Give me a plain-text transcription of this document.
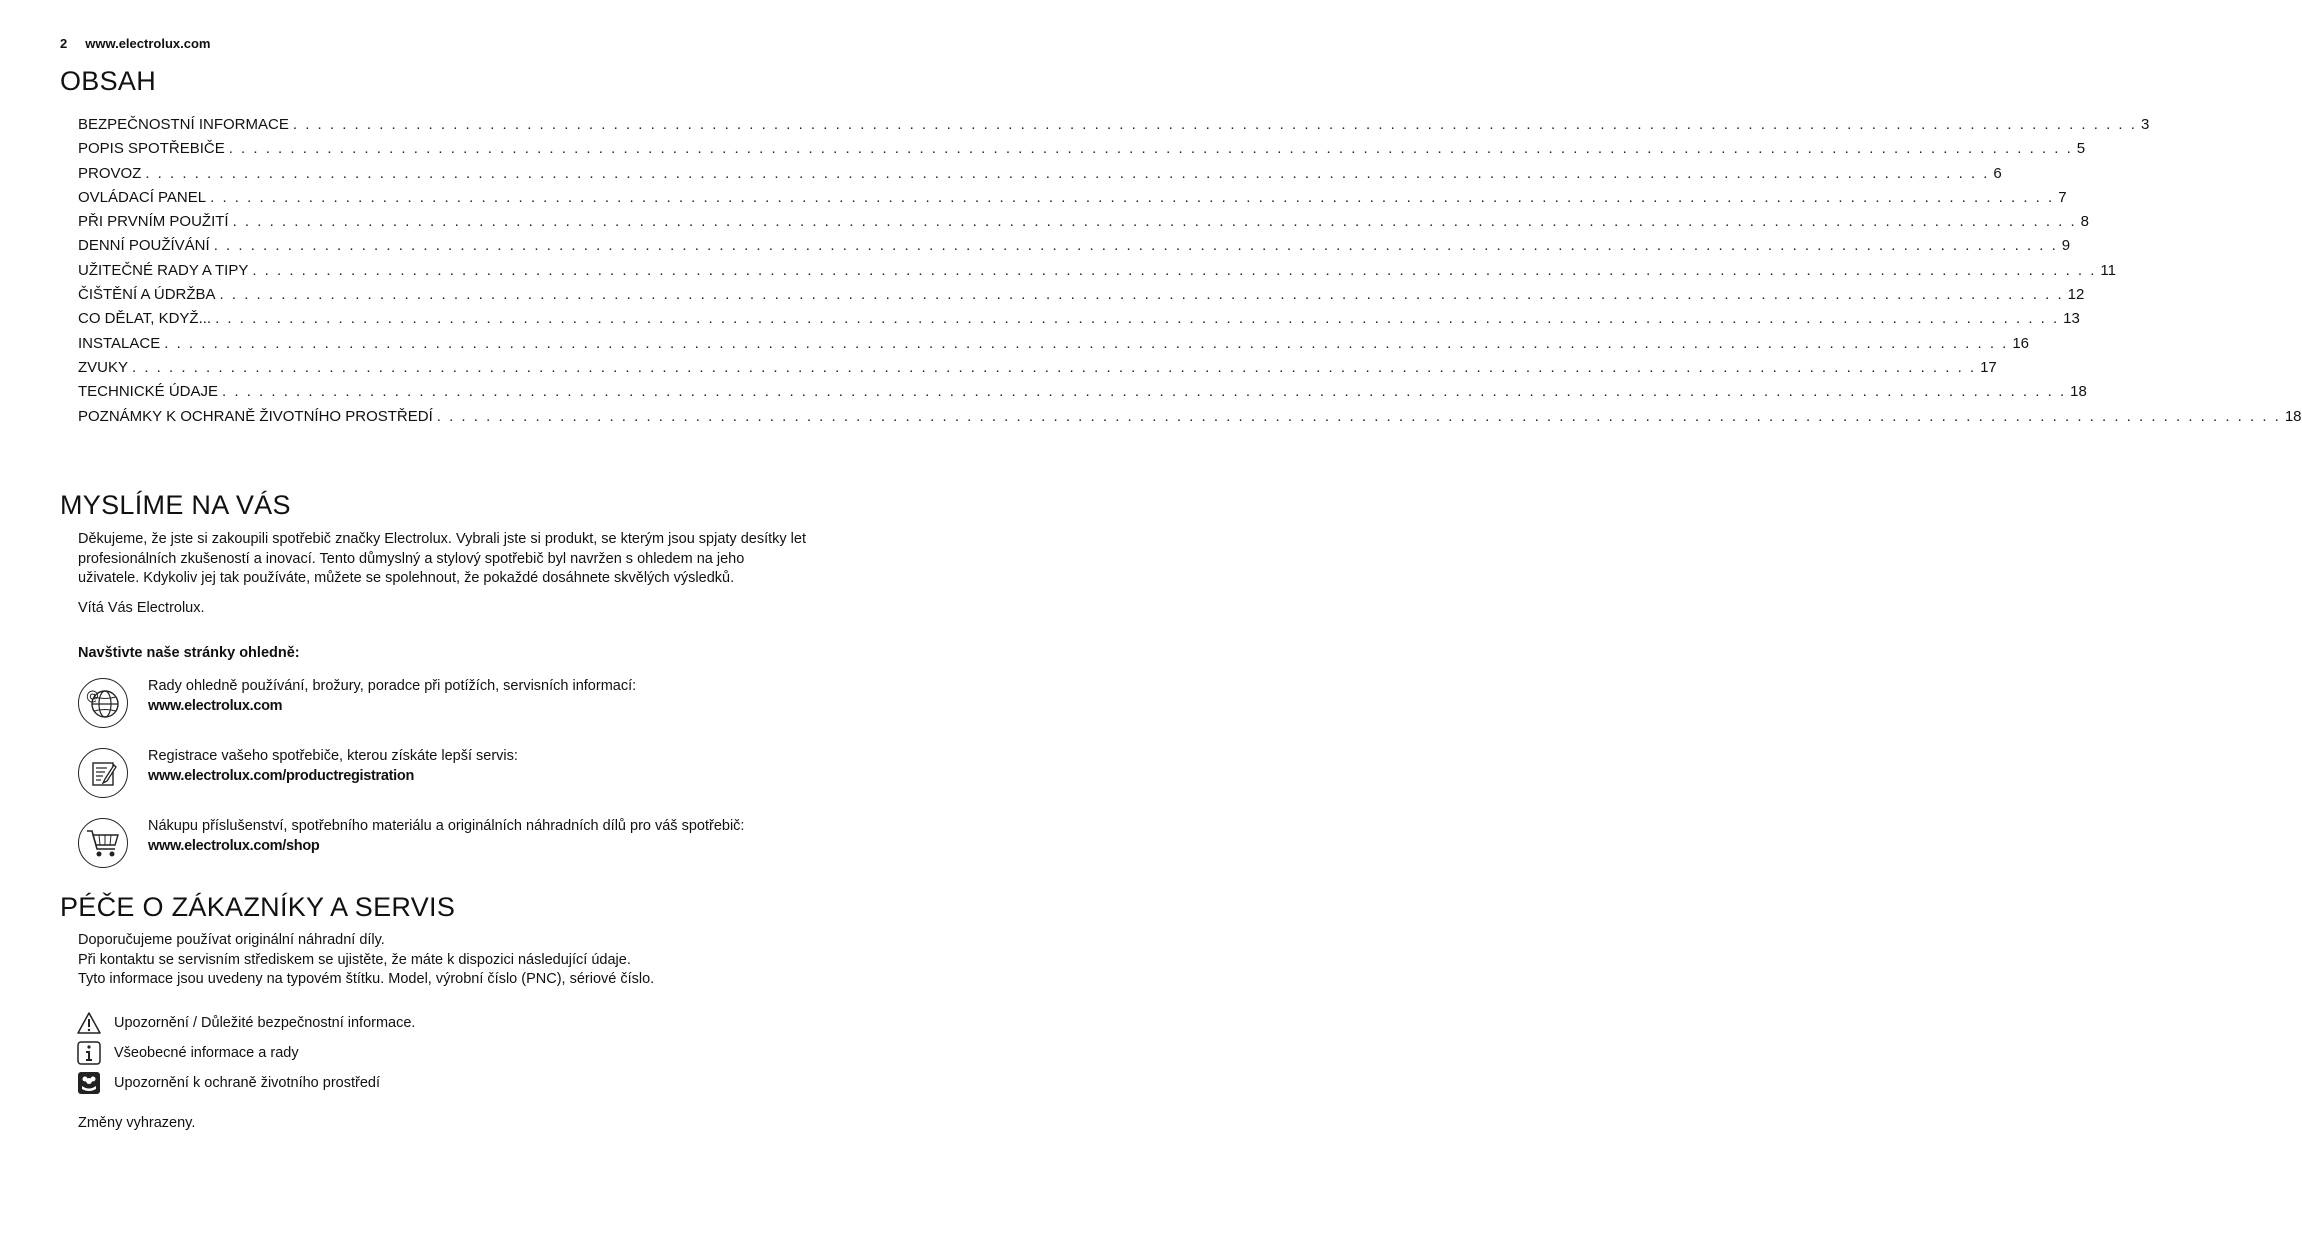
2 www.electrolux.com
OBSAH
BEZPEČNOSTNÍ INFORMACE . . . . . . . . . . . . . . . . . . . . . . . . . . . . . . . . . . . . . . . . . . . . . . . . . . . . . . . . . . . . . . . . . . . . . . . . . . . . . . . . . . . . . . . . . . . . . . . . . . . . . . . . . . . . . . . . . . . . . . . . . . . . . . . . . . . . . . . . . . . . . . . . . . . . . . 3
POPIS SPOTŘEBIČE . . . . . . . . . . . . . . . . . . . . . . . . . . . . . . . . . . . . . . . . . . . . . . . . . . . . . . . . . . . . . . . . . . . . . . . . . . . . . . . . . . . . . . . . . . . . . . . . . . . . . . . . . . . . . . . . . . . . . . . . . . . . . . . . . . . . . . . . . . . . . . . . . . . . . . 5
PROVOZ . . . . . . . . . . . . . . . . . . . . . . . . . . . . . . . . . . . . . . . . . . . . . . . . . . . . . . . . . . . . . . . . . . . . . . . . . . . . . . . . . . . . . . . . . . . . . . . . . . . . . . . . . . . . . . . . . . . . . . . . . . . . . . . . . . . . . . . . . . . . . . . . . . . . . . 6
OVLÁDACÍ PANEL . . . . . . . . . . . . . . . . . . . . . . . . . . . . . . . . . . . . . . . . . . . . . . . . . . . . . . . . . . . . . . . . . . . . . . . . . . . . . . . . . . . . . . . . . . . . . . . . . . . . . . . . . . . . . . . . . . . . . . . . . . . . . . . . . . . . . . . . . . . . . . . . . . . . . . 7
PŘI PRVNÍM POUŽITÍ . . . . . . . . . . . . . . . . . . . . . . . . . . . . . . . . . . . . . . . . . . . . . . . . . . . . . . . . . . . . . . . . . . . . . . . . . . . . . . . . . . . . . . . . . . . . . . . . . . . . . . . . . . . . . . . . . . . . . . . . . . . . . . . . . . . . . . . . . . . . . . . . . . . . . . 8
DENNÍ POUŽÍVÁNÍ . . . . . . . . . . . . . . . . . . . . . . . . . . . . . . . . . . . . . . . . . . . . . . . . . . . . . . . . . . . . . . . . . . . . . . . . . . . . . . . . . . . . . . . . . . . . . . . . . . . . . . . . . . . . . . . . . . . . . . . . . . . . . . . . . . . . . . . . . . . . . . . . . . . . . . 9
UŽITEČNÉ RADY A TIPY . . . . . . . . . . . . . . . . . . . . . . . . . . . . . . . . . . . . . . . . . . . . . . . . . . . . . . . . . . . . . . . . . . . . . . . . . . . . . . . . . . . . . . . . . . . . . . . . . . . . . . . . . . . . . . . . . . . . . . . . . . . . . . . . . . . . . . . . . . . . . . . . . . . . . . 11
ČIŠTĚNÍ A ÚDRŽBA . . . . . . . . . . . . . . . . . . . . . . . . . . . . . . . . . . . . . . . . . . . . . . . . . . . . . . . . . . . . . . . . . . . . . . . . . . . . . . . . . . . . . . . . . . . . . . . . . . . . . . . . . . . . . . . . . . . . . . . . . . . . . . . . . . . . . . . . . . . . . . . . . . . . . . 12
CO DĚLAT, KDYŽ... . . . . . . . . . . . . . . . . . . . . . . . . . . . . . . . . . . . . . . . . . . . . . . . . . . . . . . . . . . . . . . . . . . . . . . . . . . . . . . . . . . . . . . . . . . . . . . . . . . . . . . . . . . . . . . . . . . . . . . . . . . . . . . . . . . . . . . . . . . . . . . . . . . . . . . 13
INSTALACE . . . . . . . . . . . . . . . . . . . . . . . . . . . . . . . . . . . . . . . . . . . . . . . . . . . . . . . . . . . . . . . . . . . . . . . . . . . . . . . . . . . . . . . . . . . . . . . . . . . . . . . . . . . . . . . . . . . . . . . . . . . . . . . . . . . . . . . . . . . . . . . . . . . . . . 16
ZVUKY . . . . . . . . . . . . . . . . . . . . . . . . . . . . . . . . . . . . . . . . . . . . . . . . . . . . . . . . . . . . . . . . . . . . . . . . . . . . . . . . . . . . . . . . . . . . . . . . . . . . . . . . . . . . . . . . . . . . . . . . . . . . . . . . . . . . . . . . . . . . . . . . . . . . . . 17
TECHNICKÉ ÚDAJE . . . . . . . . . . . . . . . . . . . . . . . . . . . . . . . . . . . . . . . . . . . . . . . . . . . . . . . . . . . . . . . . . . . . . . . . . . . . . . . . . . . . . . . . . . . . . . . . . . . . . . . . . . . . . . . . . . . . . . . . . . . . . . . . . . . . . . . . . . . . . . . . . . . . . . 18
POZNÁMKY K OCHRANĚ ŽIVOTNÍHO PROSTŘEDÍ . . . . . . . . . . . . . . . . . . . . . . . . . . . . . . . . . . . . . . . . . . . . . . . . . . . . . . . . . . . . . . . . . . . . . . . . . . . . . . . . . . . . . . . . . . . . . . . . . . . . . . . . . . . . . . . . . . . . . . . . . . . . . . . . . . . . . . . . . . . . . . . . . . . . . . 18
MYSLÍME NA VÁS

Děkujeme, že jste si zakoupili spotřebič značky Electrolux. Vybrali jste si produkt, se kterým jsou spjaty desítky let
profesionálních zkušeností a inovací. Tento důmyslný a stylový spotřebič byl navržen s ohledem na jeho
uživatele. Kdykoliv jej tak používáte, můžete se spolehnout, že pokaždé dosáhnete skvělých výsledků.

Vítá Vás Electrolux.

Navštivte naše stránky ohledně:

@
Rady ohledně používání, brožury, poradce při potížích, servisních informací:
www.electrolux.com
Registrace vašeho spotřebiče, kterou získáte lepší servis:
www.electrolux.com/productregistration
Nákupu příslušenství, spotřebního materiálu a originálních náhradních dílů pro váš spotřebič:
www.electrolux.com/shop
PÉČE O ZÁKAZNÍKY A SERVIS

Doporučujeme používat originální náhradní díly.
Při kontaktu se servisním střediskem se ujistěte, že máte k dispozici následující údaje.
Tyto informace jsou uvedeny na typovém štítku. Model, výrobní číslo (PNC), sériové číslo.

Upozornění / Důležité bezpečnostní informace.
Všeobecné informace a rady
Upozornění k ochraně životního prostředí
Změny vyhrazeny.
